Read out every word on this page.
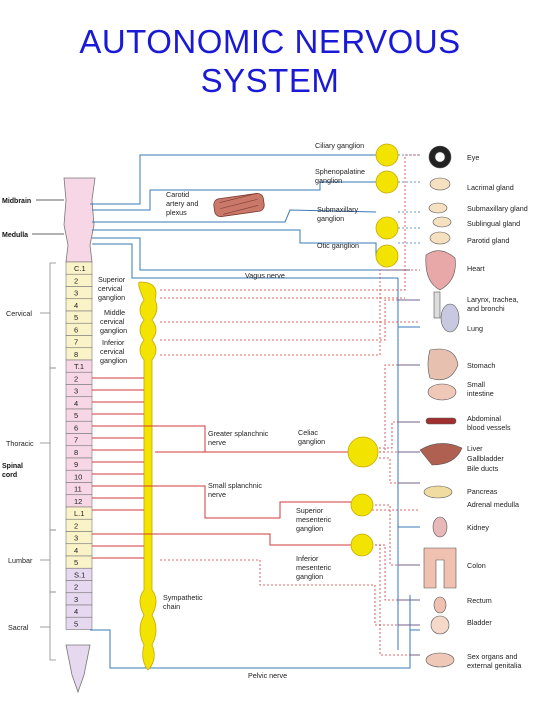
AUTONOMIC NERVOUS
SYSTEM
C.1
2
3
4
5
6
7
8
T.1
2
3
4
5
6
7
8
9
10
11
12
L.1
2
3
4
5
S.1
2
3
4
5
Midbrain
Medulla
Cervical
Thoracic
Spinal
cord
Lumbar
Sacral
Ciliary ganglion
Sphenopalatine
ganglion
Submaxillary
ganglion
Otic ganglion
Carotid
artery and
plexus
Vagus nerve
Superior
cervical
ganglion
Middle
cervical
ganglion
Inferior
cervical
ganglion
Greater splanchnic
nerve
Small splanchnic
nerve
Celiac
ganglion
Superior
mesenteric
ganglion
Inferior
mesenteric
ganglion
Sympathetic
chain
Pelvic nerve
Eye
Lacrimal gland
Submaxillary gland
Sublingual gland
Parotid gland
Heart
Larynx, trachea,
and bronchi
Lung
Stomach
Small
intestine
Abdominal
blood vessels
Liver
Gallbladder
Bile ducts
Pancreas
Adrenal medulla
Kidney
Colon
Rectum
Bladder
Sex organs and
external genitalia
